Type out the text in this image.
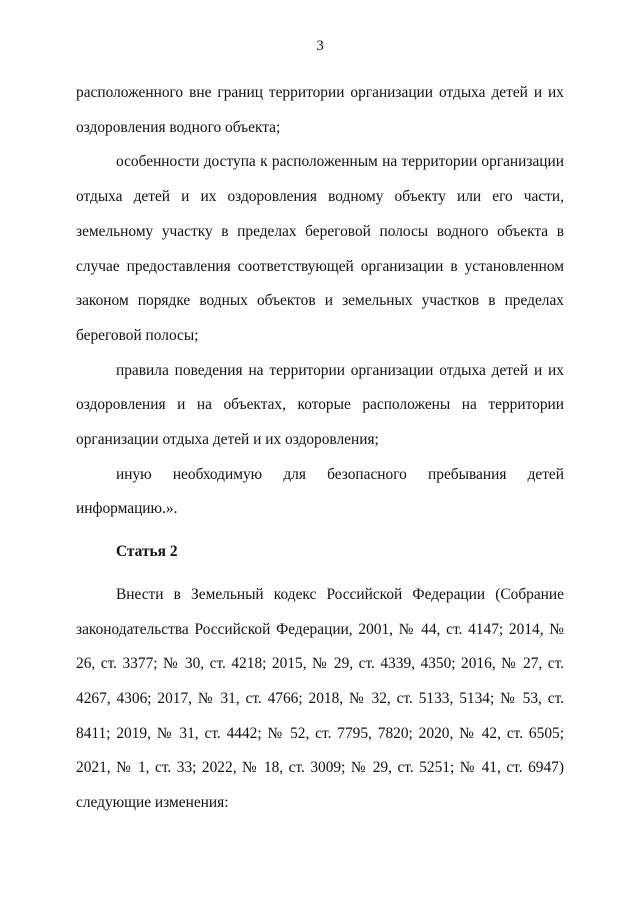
3

расположенного вне границ территории организации отдыха детей и их оздоровления водного объекта;

особенности доступа к расположенным на территории организации отдыха детей и их оздоровления водному объекту или его части, земельному участку в пределах береговой полосы водного объекта в случае предоставления соответствующей организации в установленном законом порядке водных объектов и земельных участков в пределах береговой полосы;

правила поведения на территории организации отдыха детей и их оздоровления и на объектах, которые расположены на территории организации отдыха детей и их оздоровления;

иную необходимую для безопасного пребывания детей информацию.».

Статья 2

Внести в Земельный кодекс Российской Федерации (Собрание законодательства Российской Федерации, 2001, № 44, ст. 4147; 2014, № 26, ст. 3377; № 30, ст. 4218; 2015, № 29, ст. 4339, 4350; 2016, № 27, ст. 4267, 4306; 2017, № 31, ст. 4766; 2018, № 32, ст. 5133, 5134; № 53, ст. 8411; 2019, № 31, ст. 4442; № 52, ст. 7795, 7820; 2020, № 42, ст. 6505; 2021, № 1, ст. 33; 2022, № 18, ст. 3009; № 29, ст. 5251; № 41, ст. 6947) следующие изменения:
